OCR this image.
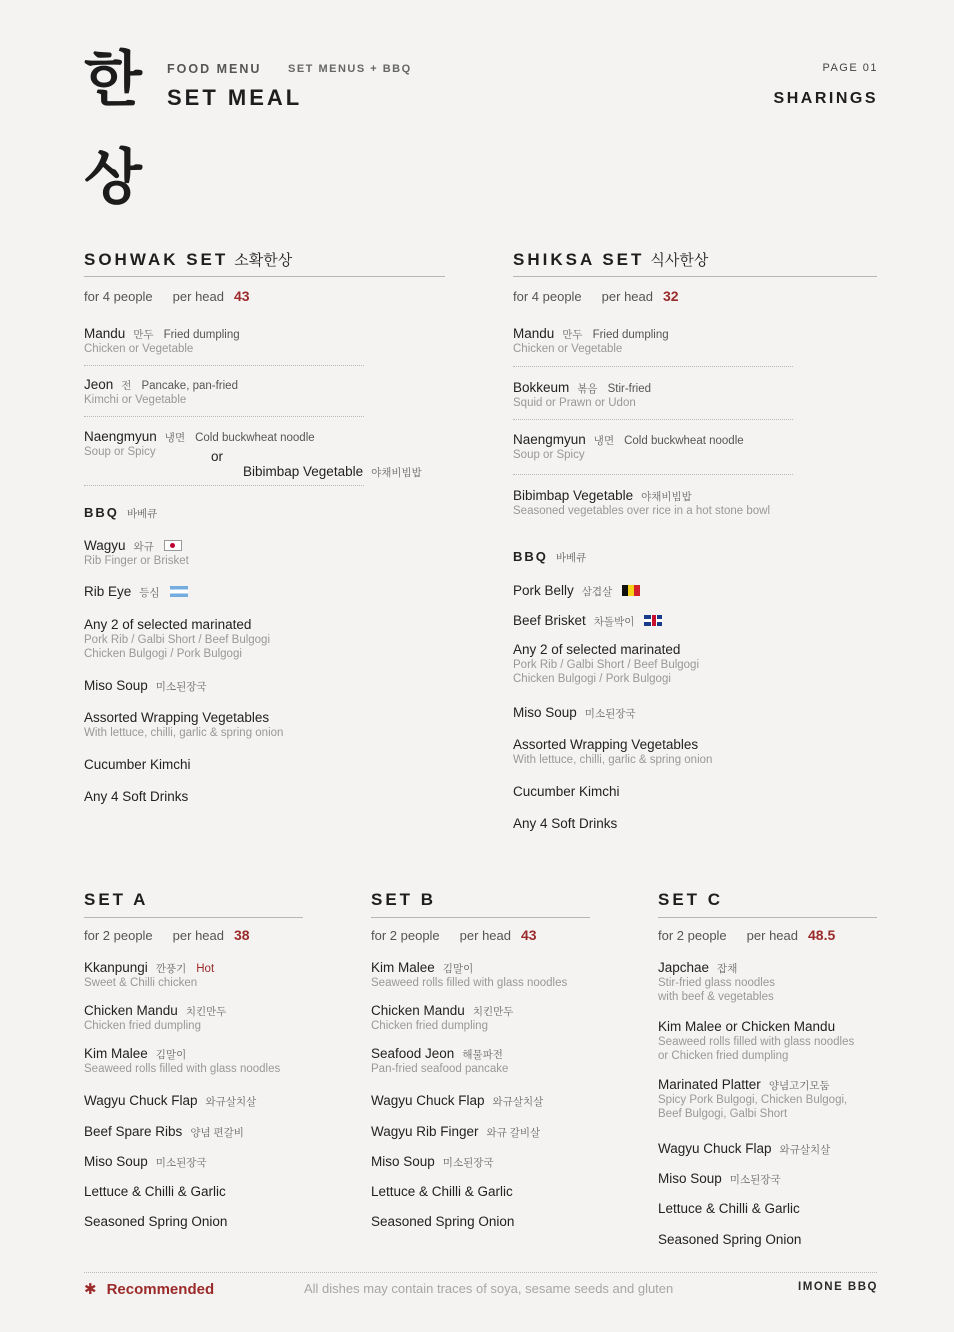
한
상
FOOD MENU SET MENUS + BBQ
SET MEAL
PAGE 01
SHARINGS
SOHWAK SET 소확한상
for 4 people per head 43
Mandu 만두 Fried dumpling
Chicken or Vegetable
Jeon 전 Pancake, pan-fried
Kimchi or Vegetable
Naengmyun 냉면 Cold buckwheat noodle
Soup or Spicy	or
Bibimbap Vegetable 야채비빔밥
BBQ 바베큐
Wagyu 와규
Rib Finger or Brisket
Rib Eye 등심
Any 2 of selected marinated
Pork Rib / Galbi Short / Beef Bulgogi
Chicken Bulgogi / Pork Bulgogi
Miso Soup 미소된장국
Assorted Wrapping Vegetables
With lettuce, chilli, garlic & spring onion
Cucumber Kimchi
Any 4 Soft Drinks
SHIKSA SET 식사한상
for 4 people per head 32
Mandu 만두 Fried dumpling
Chicken or Vegetable
Bokkeum 볶음 Stir-fried
Squid or Prawn or Udon
Naengmyun 냉면 Cold buckwheat noodle
Soup or Spicy
Bibimbap Vegetable 야채비빔밥
Seasoned vegetables over rice in a hot stone bowl
BBQ 바베큐
Pork Belly 삼겹살
Beef Brisket 차돌박이
Any 2 of selected marinated
Pork Rib / Galbi Short / Beef Bulgogi
Chicken Bulgogi / Pork Bulgogi
Miso Soup 미소된장국
Assorted Wrapping Vegetables
With lettuce, chilli, garlic & spring onion
Cucumber Kimchi
Any 4 Soft Drinks
SET A
for 2 people per head 38
Kkanpungi 깐풍기 Hot
Sweet & Chilli chicken
Chicken Mandu 치킨만두
Chicken fried dumpling
Kim Malee 김말이
Seaweed rolls filled with glass noodles
Wagyu Chuck Flap 와규살치살
Beef Spare Ribs 양념 편갈비
Miso Soup 미소된장국
Lettuce & Chilli & Garlic
Seasoned Spring Onion
SET B
for 2 people per head 43
Kim Malee 김말이
Seaweed rolls filled with glass noodles
Chicken Mandu 치킨만두
Chicken fried dumpling
Seafood Jeon 해물파전
Pan-fried seafood pancake
Wagyu Chuck Flap 와규살치살
Wagyu Rib Finger 와규 갈비살
Miso Soup 미소된장국
Lettuce & Chilli & Garlic
Seasoned Spring Onion
SET C
for 2 people per head 48.5
Japchae 잡채
Stir-fried glass noodles
with beef & vegetables
Kim Malee or Chicken Mandu
Seaweed rolls filled with glass noodles
or Chicken fried dumpling
Marinated Platter 양념고기모둠
Spicy Pork Bulgogi, Chicken Bulgogi,
Beef Bulgogi, Galbi Short
Wagyu Chuck Flap 와규살치살
Miso Soup 미소된장국
Lettuce & Chilli & Garlic
Seasoned Spring Onion
✱ Recommended	All dishes may contain traces of soya, sesame seeds and gluten	IMONE BBQ
